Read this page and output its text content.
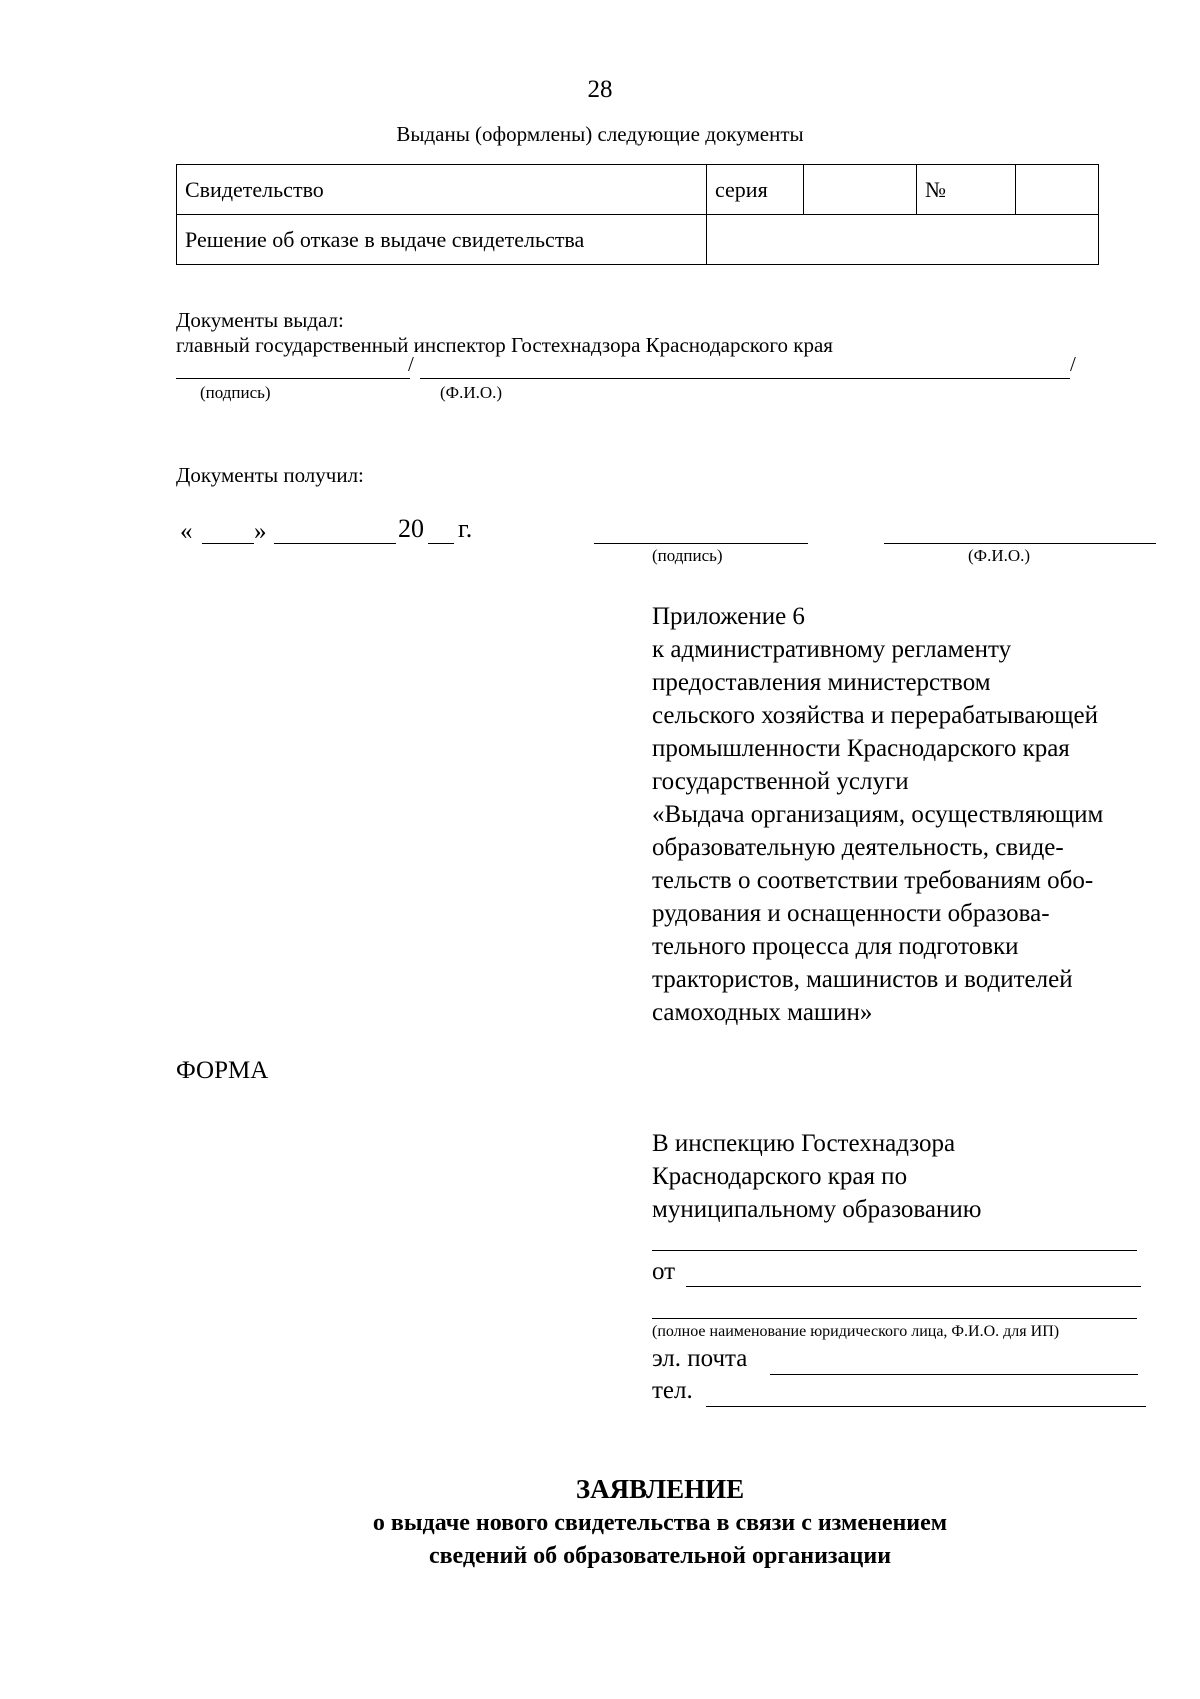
28
Выданы (оформлены) следующие документы
Свидетельство	серия		№	
Решение об отказе в выдаче свидетельства				
Документы выдал:
главный государственный инспектор Гостехнадзора Краснодарского края
/	/
(подпись)	(Ф.И.О.)
Документы получил:
« »	20 г.
(подпись)	(Ф.И.О.)
Приложение 6
к административному регламенту
предоставления министерством
сельского хозяйства и перерабатывающей
промышленности Краснодарского края
государственной услуги
«Выдача организациям, осуществляющим
образовательную деятельность, свиде-
тельств о соответствии требованиям обо-
рудования и оснащенности образова-
тельного процесса для подготовки
трактористов, машинистов и водителей
самоходных машин»
ФОРМА
В инспекцию Гостехнадзора
Краснодарского края по
муниципальному образованию
от
(полное наименование юридического лица, Ф.И.О. для ИП)
эл. почта
тел.
ЗАЯВЛЕНИЕ
о выдаче нового свидетельства в связи с изменением
сведений об образовательной организации
